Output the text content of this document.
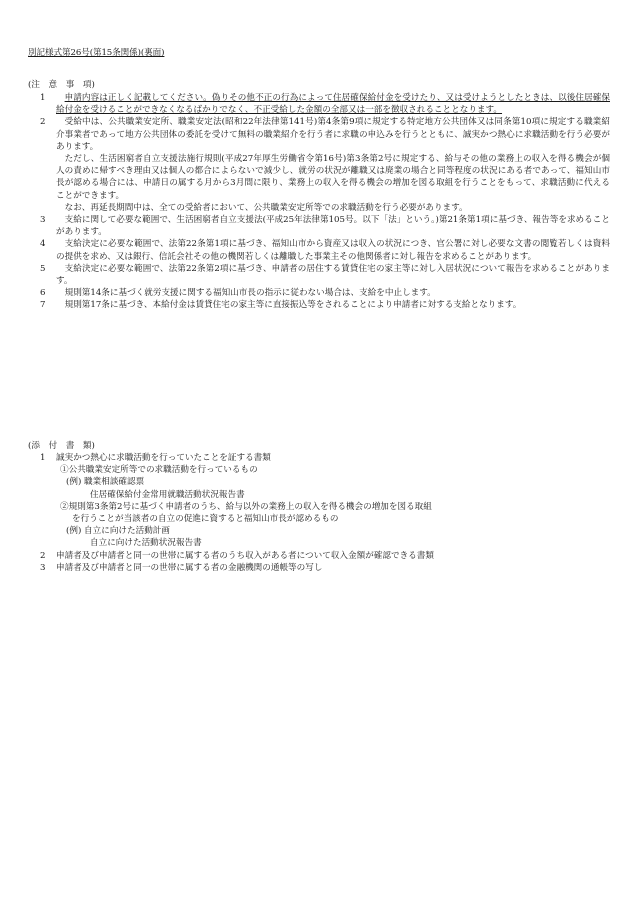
別記様式第26号(第15条関係)(裏面)
(注　意　事　項)
1	申請内容は正しく記載してください。偽りその他不正の行為によって住居確保給付金を受けたり、又は受けようとしたときは、以後住居確保給付金を受けることができなくなるばかりでなく、不正受給した金額の全部又は一部を徴収されることとなります。
2	受給中は、公共職業安定所、職業安定法(昭和22年法律第141号)第4条第9項に規定する特定地方公共団体又は同条第10項に規定する職業紹介事業者であって地方公共団体の委託を受けて無料の職業紹介を行う者に求職の申込みを行うとともに、誠実かつ熱心に求職活動を行う必要があります。
ただし、生活困窮者自立支援法施行規則(平成27年厚生労働省令第16号)第3条第2号に規定する、給与その他の業務上の収入を得る機会が個人の責めに帰すべき理由又は個人の都合によらないで減少し、就労の状況が離職又は廃業の場合と同等程度の状況にある者であって、福知山市長が認める場合には、申請日の属する月から3月間に限り、業務上の収入を得る機会の増加を図る取組を行うことをもって、求職活動に代えることができます。
なお、再延長期間中は、全ての受給者において、公共職業安定所等での求職活動を行う必要があります。
3	支給に関して必要な範囲で、生活困窮者自立支援法(平成25年法律第105号。以下「法」という。)第21条第1項に基づき、報告等を求めることがあります。
4	支給決定に必要な範囲で、法第22条第1項に基づき、福知山市から資産又は収入の状況につき、官公署に対し必要な文書の閲覧若しくは資料の提供を求め、又は銀行、信託会社その他の機関若しくは離職した事業主その他関係者に対し報告を求めることがあります。
5	支給決定に必要な範囲で、法第22条第2項に基づき、申請者の居住する賃貸住宅の家主等に対し入居状況について報告を求めることがあります。
6	規則第14条に基づく就労支援に関する福知山市長の指示に従わない場合は、支給を中止します。
7	規則第17条に基づき、本給付金は賃貸住宅の家主等に直接振込等をされることにより申請者に対する支給となります。
(添　付　書　類)
1 誠実かつ熱心に求職活動を行っていたことを証する書類
①公共職業安定所等での求職活動を行っているもの
(例) 職業相談確認票
住居確保給付金常用就職活動状況報告書
②規則第3条第2号に基づく申請者のうち、給与以外の業務上の収入を得る機会の増加を図る取組
を行うことが当該者の自立の促進に資すると福知山市長が認めるもの
(例) 自立に向けた活動計画
自立に向けた活動状況報告書
2 申請者及び申請者と同一の世帯に属する者のうち収入がある者について収入金額が確認できる書類
3 申請者及び申請者と同一の世帯に属する者の金融機関の通帳等の写し
